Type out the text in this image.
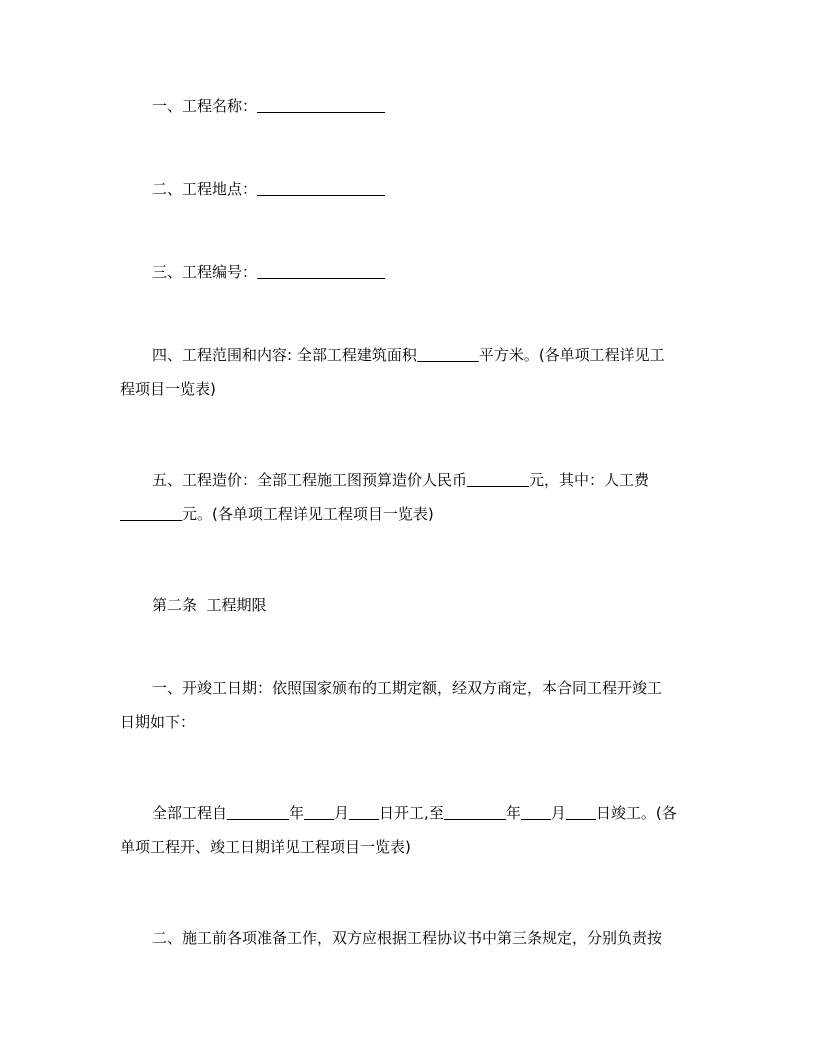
一、工程名称：
二、工程地点：
三、工程编号：
四、工程范围和内容: 全部工程建筑面积	平方米。(各单项工程详见工
程项目一览表)
五、工程造价：全部工程施工图预算造价人民币	元，其中：人工费
元。(各单项工程详见工程项目一览表)
第二条  工程期限
一、开竣工日期：依照国家颁布的工期定额，经双方商定，本合同工程开竣工
日期如下：
全部工程自	年 月 日开工,至	年 月 日竣工。(各
单项工程开、竣工日期详见工程项目一览表)
二、施工前各项准备工作，双方应根据工程协议书中第三条规定，分别负责按
